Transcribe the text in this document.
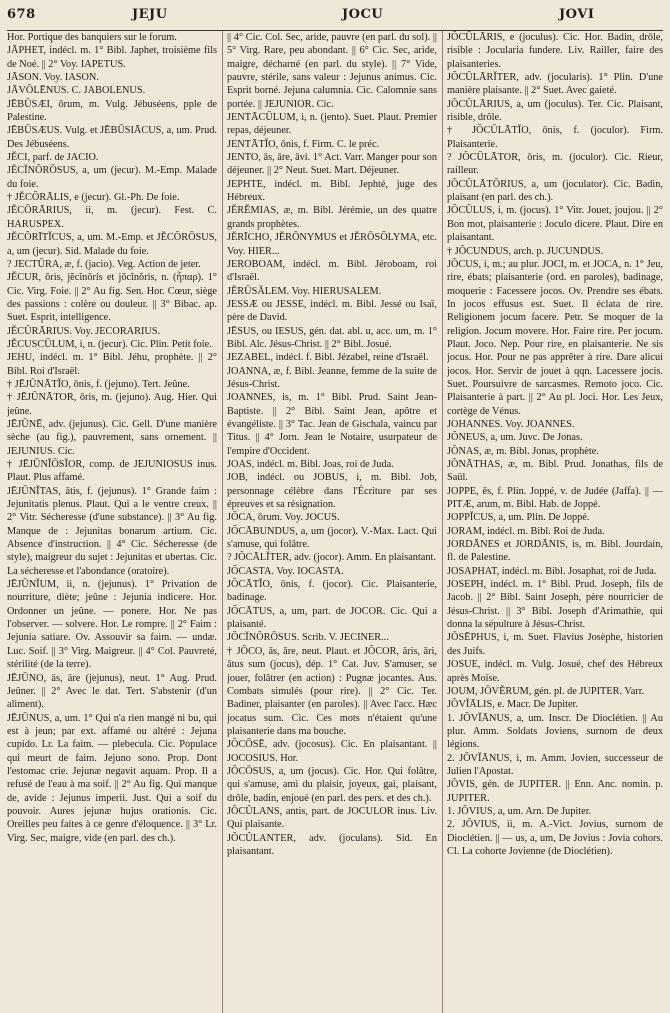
678	JEJU	JOCU	JOVI

Hor. Portique des banquiers sur le forum.

JĀPHET, indécl. m. 1° Bibl. Japhet, troisième fils de Noé. || 2° Voy. IAPETUS.

JĀSON. Voy. IASON.

JĀVŎLĒNUS. C. JABOLENUS.

JĒBŪSÆI, ōrum, m. Vulg. Jébuséens, pple de Palestine.

JĒBŪSÆUS. Vulg. et JĒBŪSIĀCUS, a, um. Prud. Des Jébuséens.

JĔCI, parf. de JACIO.

JĔCĬNŎRŌSUS, a, um (jecur). M.-Emp. Malade du foie.

† JĔCŎRĀLIS, e (jecur). Gl.-Ph. De foie.

JĔCŎRĀRIUS, ii, m. (jecur). Fest. C. HARUSPEX.

JĔCŎRĪTĬCUS, a, um. M.-Emp. et JĔCŎRŌSUS, a, um (jecur). Sid. Malade du foie.

? JECTŪRA, æ, f. (jacio). Veg. Action de jeter.

JĔCUR, ŏris, jĕcĭnŏris et jŏcĭnŏris, n. (ἧπαρ). 1° Cic. Virg. Foie. || 2° Au fig. Sen. Hor. Cœur, siège des passions : colère ou douleur. || 3° Bibac. ap. Suet. Esprit, intelligence.

JĔCŬRĀRIUS. Voy. JECORARIUS.

JĔCUSCŬLUM, i, n. (jecur). Cic. Plin. Petit foie.

JEHU, indécl. m. 1° Bibl. Jéhu, prophète. || 2° Bibl. Roi d'Israël.

† JĒJŪNĀTĬO, ōnis, f. (jejuno). Tert. Jeûne.

† JĒJŪNĀTOR, ōris, m. (jejuno). Aug. Hier. Qui jeûne.

JĒJŪNĒ, adv. (jejunus). Cic. Gell. D'une manière sèche (au fig.), pauvrement, sans ornement. || JEJUNIUS. Cic.

† JĒJŪNĬŌSĬOR, comp. de JEJUNIOSUS inus. Plaut. Plus affamé.

JĒJŪNĬTAS, ātis, f. (jejunus). 1° Grande faim : Jejunitatis plenus. Plaut. Qui a le ventre creux. || 2° Vitr. Sécheresse (d'une substance). || 3° Au fig. Manque de : Jejunitas bonarum artium. Cic. Absence d'instruction. || 4° Cic. Sécheresse (de style), maigreur du sujet : Jejunitas et ubertas. Cic. La sécheresse et l'abondance (oratoire).

JĒJŪNĬUM, ii, n. (jejunus). 1° Privation de nourriture, diète; jeûne : Jejunia indicere. Hor. Ordonner un jeûne. — ponere. Hor. Ne pas l'observer. — solvere. Hor. Le rompre. || 2° Faim : Jejunia satiare. Ov. Assouvir sa faim. — undæ. Luc. Soif. || 3° Virg. Maigreur. || 4° Col. Pauvreté, stérilité (de la terre).

JĒJŪNO, ās, āre (jejunus), neut. 1° Aug. Prud. Jeûner. || 2° Avec le dat. Tert. S'abstenir (d'un aliment).

JĒJŪNUS, a, um. 1° Qui n'a rien mangé ni bu, qui est à jeun; par ext. affamé ou altéré : Jejuna cupido. Lr. La faim. — plebecula. Cic. Populace qui meurt de faim. Jejuno sono. Prop. Dont l'estomac crie. Jejunæ negavit aquam. Prop. Il a refusé de l'eau à ma soif. || 2° Au fig. Qui manque de, avide : Jejunus imperii. Just. Qui a soif du pouvoir. Aures jejunæ hujus orationis. Cic. Oreilles peu faites à ce genre d'éloquence. || 3° Lr. Virg. Sec, maigre, vide (en parl. des ch.).

|| 4° Cic. Col. Sec, aride, pauvre (en parl. du sol). || 5° Virg. Rare, peu abondant. || 6° Cic. Sec, aride, maigre, décharné (en parl. du style). || 7° Vide, pauvre, stérile, sans valeur : Jejunus animus. Cic. Esprit borné. Jejuna calumnia. Cic. Calomnie sans portée. || JEJUNIOR. Cic.

JENTĀCŬLUM, i, n. (jento). Suet. Plaut. Premier repas, déjeuner.

JENTĀTĬO, ōnis, f. Firm. C. le préc.

JENTO, ās, āre, āvi. 1° Act. Varr. Manger pour son déjeuner. || 2° Neut. Suet. Mart. Déjeuner.

JEPHTE, indécl. m. Bibl. Jephté, juge des Hébreux.

JĔRĔMIAS, æ, m. Bibl. Jérémie, un des quatre grands prophètes.

JĔRĪCHO, JĔRŌNYMUS et JĔRŌSŎLYMA, etc. Voy. HIER...

JEROBOAM, indécl. m. Bibl. Jéroboam, roi d'Israël.

JĔRŪSĂLEM. Voy. HIERUSALEM.

JESSÆ ou JESSE, indécl. m. Bibl. Jessé ou Isaï, père de David.

JĒSUS, ou IESUS, gén. dat. abl. u, acc. um, m. 1° Bibl. Alc. Jésus-Christ. || 2° Bibl. Josué.

JEZABEL, indécl. f. Bibl. Jézabel, reine d'Israël.

JOANNA, æ, f. Bibl. Jeanne, femme de la suite de Jésus-Christ.

JOANNES, is, m. 1° Bibl. Prud. Saint Jean-Baptiste. || 2° Bibl. Saint Jean, apôtre et évangéliste. || 3° Tac. Jean de Gischala, vaincu par Titus. || 4° Jorn. Jean le Notaire, usurpateur de l'empire d'Occident.

JOAS, indécl. m. Bibl. Joas, roi de Juda.

JOB, indécl. ou JOBUS, i, m. Bibl. Job, personnage célèbre dans l'Écriture par ses épreuves et sa résignation.

JŎCA, ōrum. Voy. JOCUS.

JŎCĀBUNDUS, a, um (jocor). V.-Max. Lact. Qui s'amuse, qui folâtre.

? JŎCĀLĬTER, adv. (jocor). Amm. En plaisantant.

JŎCASTA. Voy. IOCASTA.

JŎCĀTĬO, ōnis, f. (jocor). Cic. Plaisanterie, badinage.

JŎCĀTUS, a, um, part. de JOCOR. Cic. Qui a plaisanté.

JŎCĬNŎRŌSUS. Scrib. V. JECINER...

† JŎCO, ās, āre, neut. Plaut. et JŎCOR, āris, āri, ātus sum (jocus), dép. 1° Cat. Juv. S'amuser, se jouer, folâtrer (en action) : Pugnæ jocantes. Aus. Combats simulés (pour rire). || 2° Cic. Ter. Badiner, plaisanter (en paroles). || Avec l'acc. Hæc jocatus sum. Cic. Ces mots n'étaient qu'une plaisanterie dans ma bouche.

JŎCŌSĒ, adv. (jocosus). Cic. En plaisantant. || JOCOSIUS. Hor.

JŎCŌSUS, a, um (jocus). Cic. Hor. Qui folâtre, qui s'amuse, ami du plaisir, joyeux, gai, plaisant, drôle, badin, enjoué (en parl. des pers. et des ch.).

JŎCŬLANS, antis, part. de JOCULOR inus. Liv. Qui plaisante.

JŎCŬLANTER, adv. (joculans). Sid. En plaisantant.

JŎCŬLĀRIS, e (joculus). Cic. Hor. Badin, drôle, risible : Jocularia fundere. Liv. Railler, faire des plaisanteries.

JŎCŬLĀRĬTER, adv. (jocularis). 1° Plin. D'une manière plaisante. || 2° Suet. Avec gaieté.

JŎCŬLĀRIUS, a, um (joculus). Ter. Cic. Plaisant, risible, drôle.

† JŎCŬLĀTĬO, ōnis, f. (joculor). Firm. Plaisanterie.

? JŎCŬLĀTOR, ōris, m. (joculor). Cic. Rieur, railleur.

JŎCŬLĀTŌRIUS, a, um (joculator). Cic. Badin, plaisant (en parl. des ch.).

JŎCŬLUS, i, m. (jocus). 1° Vitr. Jouet, joujou. || 2° Bon mot, plaisanterie : Joculo dicere. Plaut. Dire en plaisantant.

† JŎCUNDUS, arch. p. JUCUNDUS.

JŎCUS, i, m.; au plur. JOCI, m. et JOCA, n. 1° Jeu, rire, ébats; plaisanterie (ord. en paroles), badinage, moquerie : Facessere jocos. Ov. Prendre ses ébats. In jocos effusus est. Suet. Il éclata de rire. Religionem jocum facere. Petr. Se moquer de la religion. Jocum movere. Hor. Faire rire. Per jocum. Plaut. Joco. Nep. Pour rire, en plaisanterie. Ne sis jocus. Hor. Pour ne pas apprêter à rire. Dare alicui jocos. Hor. Servir de jouet à qqn. Lacessere jocis. Suet. Poursuivre de sarcasmes. Remoto joco. Cic. Plaisanterie à part. || 2° Au pl. Joci. Hor. Les Jeux, cortège de Vénus.

JOHANNES. Voy. JOANNES.

JŎNEUS, a, um. Juvc. De Jonas.

JŎNAS, æ, m. Bibl. Jonas, prophète.

JŎNĀTHAS, æ, m. Bibl. Prud. Jonathas, fils de Saül.

JOPPE, ēs, f. Plin. Joppé, v. de Judée (Jaffa). || — PITÆ, arum, m. Bibl. Hab. de Joppé.

JOPPĬCUS, a, um. Plin. De Joppé.

JORAM, indécl. m. Bibl. Roi de Juda.

JORDĀNES et JORDĀNIS, is, m. Bibl. Jourdain, fl. de Palestine.

JOSAPHAT, indécl. m. Bibl. Josaphat, roi de Juda.

JOSEPH, indécl. m. 1° Bibl. Prud. Joseph, fils de Jacob. || 2° Bibl. Saint Joseph, père nourricier de Jésus-Christ. || 3° Bibl. Joseph d'Arimathie, qui donna la sépulture à Jésus-Christ.

JŌSĒPHUS, i, m. Suet. Flavius Josèphe, historien des Juifs.

JOSUE, indécl. m. Vulg. Josué, chef des Hébreux après Moïse.

JOUM, JŎVĔRUM, gén. pl. de JUPITER. Varr.

JŎVĬĀLIS, e. Macr. De Jupiter.

1. JŎVĬĀNUS, a, um. Inscr. De Dioclétien. || Au plur. Amm. Soldats Joviens, surnom de deux légions.

2. JŎVĬĀNUS, i, m. Amm. Jovien, successeur de Julien l'Apostat.

JŎVIS, gén. de JUPITER. || Enn. Anc. nomin. p. JUPITER.

1. JŎVIUS, a, um. Arn. De Jupiter.

2. JŎVIUS, ii, m. A.-Vict. Jovius, surnom de Dioclétien. || — us, a, um, De Jovius : Jovia cohors. Cl. La cohorte Jovienne (de Dioclétien).
